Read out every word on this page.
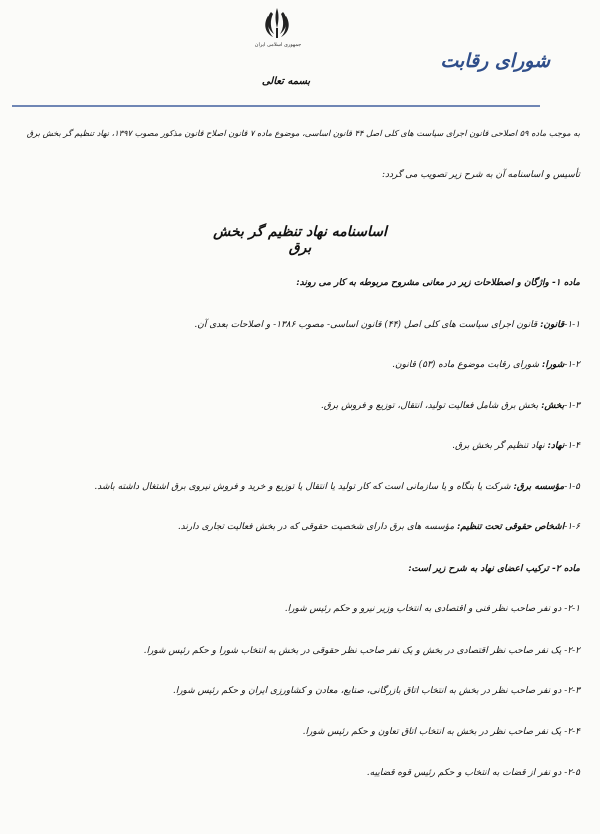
جمهوری اسلامی ایران
بسمه تعالی
شورای رقابت
به موجب ماده ۵۹ اصلاحی قانون اجرای سیاست های کلی اصل ۴۴ قانون اساسی، موضوع ماده ۷ قانون اصلاح قانون مذکور مصوب ۱۳۹۷، نهاد تنظیم گر بخش برق
تأسیس و اساسنامه آن به شرح زیر تصویب می گردد:
اساسنامه نهاد تنظیم گر بخش برق
ماده ۱- واژگان و اصطلاحات زیر در معانی مشروح مربوطه به کار می روند:
۱-۱-قانون: قانون اجرای سیاست های کلی اصل (۴۴) قانون اساسی- مصوب ۱۳۸۶- و اصلاحات بعدی آن.
۱-۲-شورا: شورای رقابت موضوع ماده (۵۳) قانون.
۱-۳-بخش: بخش برق شامل فعالیت تولید، انتقال، توزیع و فروش برق.
۱-۴-نهاد: نهاد تنظیم گر بخش برق.
۱-۵-مؤسسه برق: شرکت یا بنگاه و یا سازمانی است که کار تولید یا انتقال یا توزیع و خرید و فروش نیروی برق اشتغال داشته باشد.
۱-۶-اشخاص حقوقی تحت تنظیم: مؤسسه های برق دارای شخصیت حقوقی که در بخش فعالیت تجاری دارند.
ماده ۲- ترکیب اعضای نهاد به شرح زیر است:
۲-۱- دو نفر صاحب نظر فنی و اقتصادی به انتخاب وزیر نیرو و حکم رئیس شورا.
۲-۲- یک نفر صاحب نظر اقتصادی در بخش و یک نفر صاحب نظر حقوقی در بخش به انتخاب شورا و حکم رئیس شورا.
۲-۳- دو نفر صاحب نظر در بخش به انتخاب اتاق بازرگانی، صنایع، معادن و کشاورزی ایران و حکم رئیس شورا.
۲-۴- یک نفر صاحب نظر در بخش به انتخاب اتاق تعاون و حکم رئیس شورا.
۲-۵- دو نفر از قضات به انتخاب و حکم رئیس قوه قضاییه.
